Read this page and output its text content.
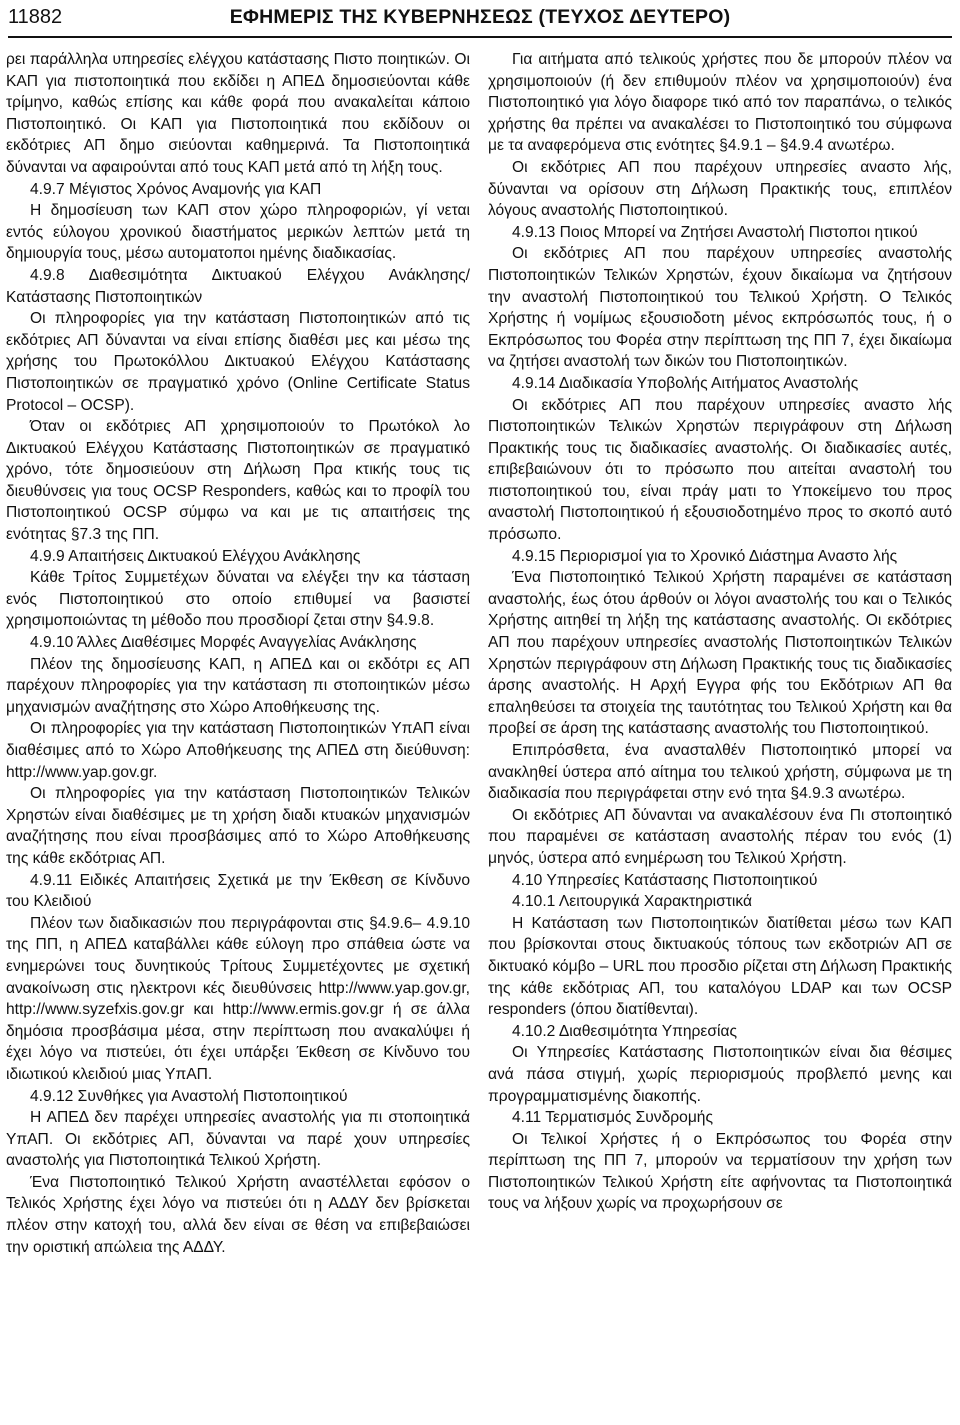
11882	ΕΦΗΜΕΡΙΣ ΤΗΣ ΚΥΒΕΡΝΗΣΕΩΣ (ΤΕΥΧΟΣ ΔΕΥΤΕΡΟ)

ρει παράλληλα υπηρεσίες ελέγχου κατάστασης Πιστο ποιητικών. Οι ΚΑΠ για πιστοποιητικά που εκδίδει η ΑΠΕΔ δημοσιεύονται κάθε τρίμηνο, καθώς επίσης και κάθε φορά που ανακαλείται κάποιο Πιστοποιητικό. Οι ΚΑΠ για Πιστοποιητικά που εκδίδουν οι εκδότριες ΑΠ δημο σιεύονται καθημερινά. Τα Πιστοποιητικά δύνανται να αφαιρούνται από τους ΚΑΠ μετά από τη λήξη τους.

4.9.7 Μέγιστος Χρόνος Αναμονής για ΚΑΠ

Η δημοσίευση των ΚΑΠ στον χώρο πληροφοριών, γί νεται εντός εύλογου χρονικού διαστήματος μερικών λεπτών μετά τη δημιουργία τους, μέσω αυτοματοποι ημένης διαδικασίας.

4.9.8 Διαθεσιμότητα Δικτυακού Ελέγχου Ανάκλησης/ Κατάστασης Πιστοποιητικών

Οι πληροφορίες για την κατάσταση Πιστοποιητικών από τις εκδότριες ΑΠ δύνανται να είναι επίσης διαθέσι μες και μέσω της χρήσης του Πρωτοκόλλου Δικτυακού Ελέγχου Κατάστασης Πιστοποιητικών σε πραγματικό χρόνο (Online Certificate Status Protocol – OCSP).

Όταν οι εκδότριες ΑΠ χρησιμοποιούν το Πρωτόκολ λο Δικτυακού Ελέγχου Κατάστασης Πιστοποιητικών σε πραγματικό χρόνο, τότε δημοσιεύουν στη Δήλωση Πρα κτικής τους τις διευθύνσεις για τους OCSP Responders, καθώς και το προφίλ του Πιστοποιητικού OCSP σύμφω να και με τις απαιτήσεις της ενότητας §7.3 της ΠΠ.

4.9.9 Απαιτήσεις Δικτυακού Ελέγχου Ανάκλησης

Κάθε Τρίτος Συμμετέχων δύναται να ελέγξει την κα τάσταση ενός Πιστοποιητικού στο οποίο επιθυμεί να βασιστεί χρησιμοποιώντας τη μέθοδο που προσδιορί ζεται στην §4.9.8.

4.9.10 Άλλες Διαθέσιμες Μορφές Αναγγελίας Ανάκλησης

Πλέον της δημοσίευσης ΚΑΠ, η ΑΠΕΔ και οι εκδότρι ες ΑΠ παρέχουν πληροφορίες για την κατάσταση πι στοποιητικών μέσω μηχανισμών αναζήτησης στο Χώρο Αποθήκευσης της.

Οι πληροφορίες για την κατάσταση Πιστοποιητικών ΥπΑΠ είναι διαθέσιμες από το Χώρο Αποθήκευσης της ΑΠΕΔ στη διεύθυνση: http://www.yap.gov.gr.

Οι πληροφορίες για την κατάσταση Πιστοποιητικών Τελικών Χρηστών είναι διαθέσιμες με τη χρήση διαδι κτυακών μηχανισμών αναζήτησης που είναι προσβάσιμες από το Χώρο Αποθήκευσης της κάθε εκδότριας ΑΠ.

4.9.11 Ειδικές Απαιτήσεις Σχετικά με την Έκθεση σε Κίνδυνο του Κλειδιού

Πλέον των διαδικασιών που περιγράφονται στις §4.9.6– 4.9.10 της ΠΠ, η ΑΠΕΔ καταβάλλει κάθε εύλογη προ σπάθεια ώστε να ενημερώνει τους δυνητικούς Τρίτους Συμμετέχοντες με σχετική ανακοίνωση στις ηλεκτρονι κές διευθύνσεις http://www.yap.gov.gr, http://www.syzefxis.gov.gr και http://www.ermis.gov.gr ή σε άλλα δημόσια προσβάσιμα μέσα, στην περίπτωση που ανακαλύψει ή έχει λόγο να πιστεύει, ότι έχει υπάρξει Έκθεση σε Κίνδυνο του ιδιωτικού κλειδιού μιας ΥπΑΠ.

4.9.12 Συνθήκες για Αναστολή Πιστοποιητικού

Η ΑΠΕΔ δεν παρέχει υπηρεσίες αναστολής για πι στοποιητικά ΥπΑΠ. Οι εκδότριες ΑΠ, δύνανται να παρέ χουν υπηρεσίες αναστολής για Πιστοποιητικά Τελικού Χρήστη.

Ένα Πιστοποιητικό Τελικού Χρήστη αναστέλλεται εφόσον ο Τελικός Χρήστης έχει λόγο να πιστεύει ότι η ΑΔΔΥ δεν βρίσκεται πλέον στην κατοχή του, αλλά δεν είναι σε θέση να επιβεβαιώσει την οριστική απώλεια της ΑΔΔΥ.

Για αιτήματα από τελικούς χρήστες που δε μπορούν πλέον να χρησιμοποιούν (ή δεν επιθυμούν πλέον να χρησιμοποιούν) ένα Πιστοποιητικό για λόγο διαφορε τικό από τον παραπάνω, ο τελικός χρήστης θα πρέπει να ανακαλέσει το Πιστοποιητικό του σύμφωνα με τα αναφερόμενα στις ενότητες §4.9.1 – §4.9.4 ανωτέρω.

Οι εκδότριες ΑΠ που παρέχουν υπηρεσίες αναστο λής, δύνανται να ορίσουν στη Δήλωση Πρακτικής τους, επιπλέον λόγους αναστολής Πιστοποιητικού.

4.9.13 Ποιος Μπορεί να Ζητήσει Αναστολή Πιστοποι ητικού

Οι εκδότριες ΑΠ που παρέχουν υπηρεσίες αναστολής Πιστοποιητικών Τελικών Χρηστών, έχουν δικαίωμα να ζητήσουν την αναστολή Πιστοποιητικού του Τελικού Χρήστη. Ο Τελικός Χρήστης ή νομίμως εξουσιοδοτη μένος εκπρόσωπός τους, ή ο Εκπρόσωπος του Φορέα στην περίπτωση της ΠΠ 7, έχει δικαίωμα να ζητήσει αναστολή των δικών του Πιστοποιητικών.

4.9.14 Διαδικασία Υποβολής Αιτήματος Αναστολής

Οι εκδότριες ΑΠ που παρέχουν υπηρεσίες αναστο λής Πιστοποιητικών Τελικών Χρηστών περιγράφουν στη Δήλωση Πρακτικής τους τις διαδικασίες αναστολής. Οι διαδικασίες αυτές, επιβεβαιώνουν ότι το πρόσωπο που αιτείται αναστολή του πιστοποιητικού του, είναι πράγ ματι το Υποκείμενο του προς αναστολή Πιστοποιητικού ή εξουσιοδοτημένο προς το σκοπό αυτό πρόσωπο.

4.9.15 Περιορισμοί για το Χρονικό Διάστημα Αναστο λής

Ένα Πιστοποιητικό Τελικού Χρήστη παραμένει σε κατάσταση αναστολής, έως ότου άρθούν οι λόγοι αναστολής του και ο Τελικός Χρήστης αιτηθεί τη λήξη της κατάστασης αναστολής. Οι εκδότριες ΑΠ που παρέχουν υπηρεσίες αναστολής Πιστοποιητικών Τελικών Χρηστών περιγράφουν στη Δήλωση Πρακτικής τους τις διαδικασίες άρσης αναστολής. Η Αρχή Εγγρα φής του Εκδότριων ΑΠ θα επαληθεύσει τα στοιχεία της ταυτότητας του Τελικού Χρήστη και θα προβεί σε άρση της κατάστασης αναστολής του Πιστοποιητικού.

Επιπρόσθετα, ένα ανασταλθέν Πιστοποιητικό μπορεί να ανακληθεί ύστερα από αίτημα του τελικού χρήστη, σύμφωνα με τη διαδικασία που περιγράφεται στην ενό τητα §4.9.3 ανωτέρω.

Οι εκδότριες ΑΠ δύνανται να ανακαλέσουν ένα Πι στοποιητικό που παραμένει σε κατάσταση αναστολής πέραν του ενός (1) μηνός, ύστερα από ενημέρωση του Τελικού Χρήστη.

4.10 Υπηρεσίες Κατάστασης Πιστοποιητικού

4.10.1 Λειτουργικά Χαρακτηριστικά

Η Κατάσταση των Πιστοποιητικών διατίθεται μέσω των ΚΑΠ που βρίσκονται στους δικτυακούς τόπους των εκδοτριών ΑΠ σε δικτυακό κόμβο – URL που προσδιο ρίζεται στη Δήλωση Πρακτικής της κάθε εκδότριας ΑΠ, του καταλόγου LDAP και των OCSP responders (όπου διατίθενται).

4.10.2 Διαθεσιμότητα Υπηρεσίας

Οι Υπηρεσίες Κατάστασης Πιστοποιητικών είναι δια θέσιμες ανά πάσα στιγμή, χωρίς περιορισμούς προβλεπό μενης και προγραμματισμένης διακοπής.

4.11 Τερματισμός Συνδρομής

Οι Τελικοί Χρήστες ή ο Εκπρόσωπος του Φορέα στην περίπτωση της ΠΠ 7, μπορούν να τερματίσουν την χρήση των Πιστοποιητικών Τελικού Χρήστη είτε αφήνοντας τα Πιστοποιητικά τους να λήξουν χωρίς να προχωρήσουν σε
